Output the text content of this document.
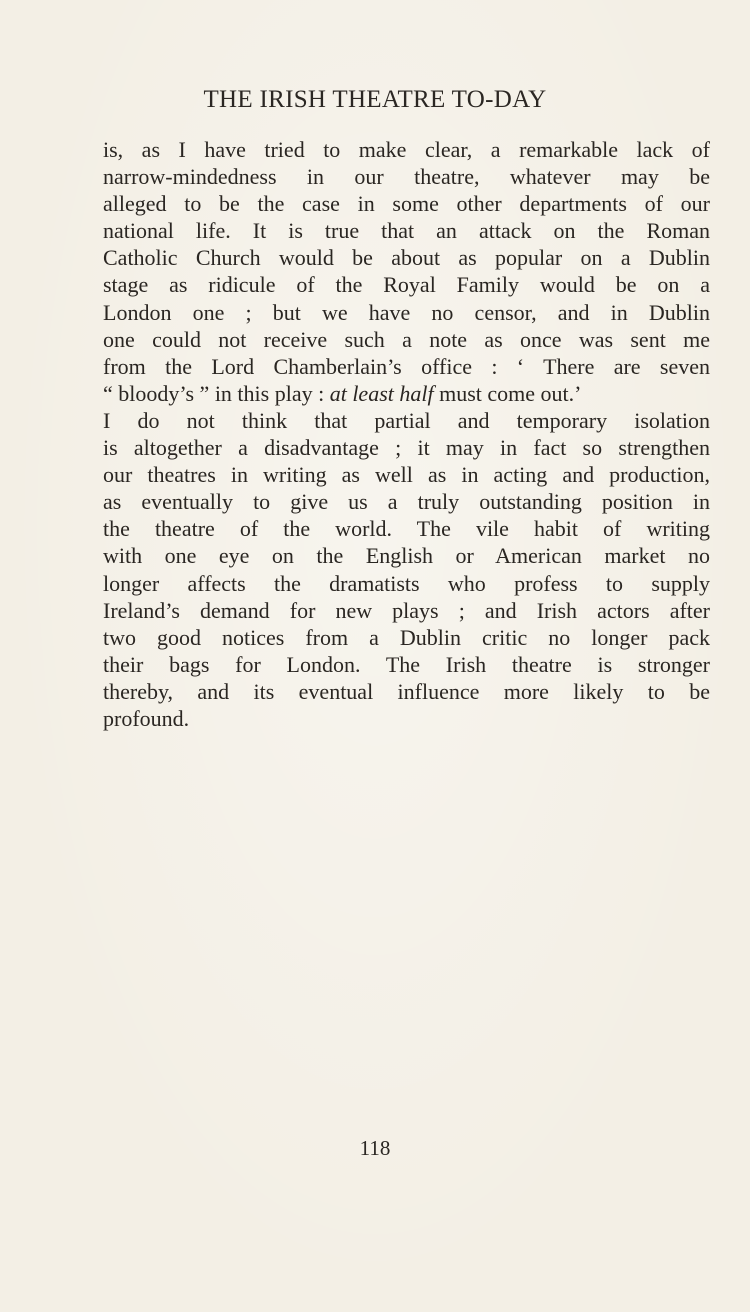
THE IRISH THEATRE TO-DAY
is, as I have tried to make clear, a remarkable lack of
narrow-mindedness in our theatre, whatever may be
alleged to be the case in some other departments of our
national life. It is true that an attack on the Roman
Catholic Church would be about as popular on a Dublin
stage as ridicule of the Royal Family would be on a
London one ; but we have no censor, and in Dublin
one could not receive such a note as once was sent me
from the Lord Chamberlain’s office : ‘ There are seven
“ bloody’s ” in this play : at least half must come out.’
I do not think that partial and temporary isolation
is altogether a disadvantage ; it may in fact so strengthen
our theatres in writing as well as in acting and production,
as eventually to give us a truly outstanding position in
the theatre of the world. The vile habit of writing
with one eye on the English or American market no
longer affects the dramatists who profess to supply
Ireland’s demand for new plays ; and Irish actors after
two good notices from a Dublin critic no longer pack
their bags for London. The Irish theatre is stronger
thereby, and its eventual influence more likely to be
profound.
118
